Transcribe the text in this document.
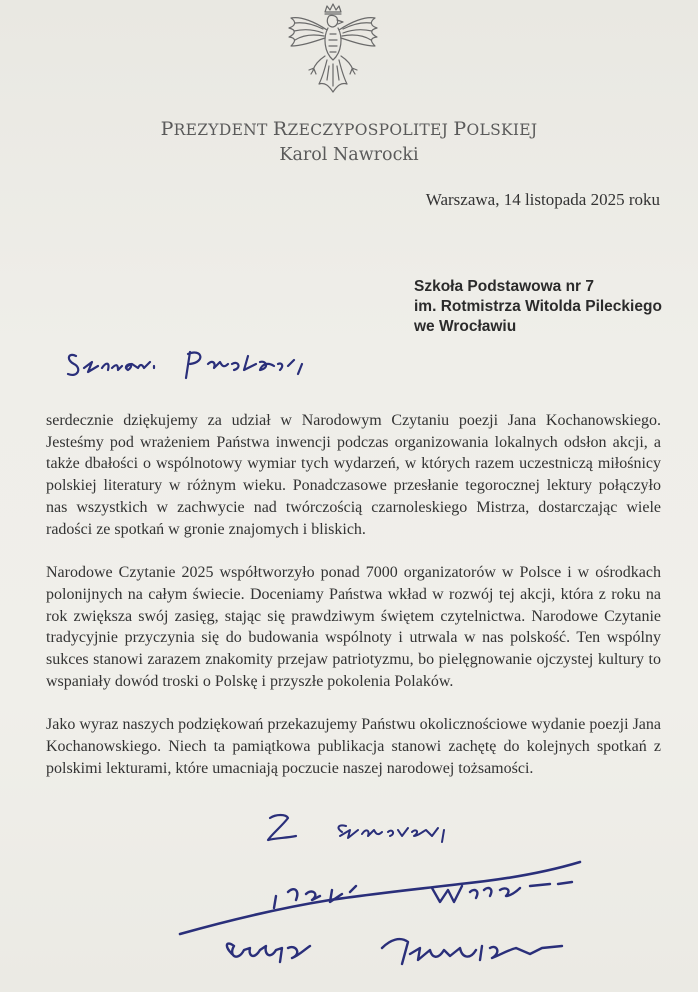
PREZYDENT RZECZYPOSPOLITEJ POLSKIEJ
Karol Nawrocki
Warszawa, 14 listopada 2025 roku
Szkoła Podstawowa nr 7
im. Rotmistrza Witolda Pileckiego
we Wrocławiu

serdecznie dziękujemy za udział w Narodowym Czytaniu poezji Jana Kochanowskiego. Jesteśmy pod wrażeniem Państwa inwencji podczas organizowania lokalnych odsłon akcji, a także dbałości o wspólnotowy wymiar tych wydarzeń, w których razem uczestniczą miłośnicy polskiej literatury w różnym wieku. Ponadczasowe przesłanie tegorocznej lektury połączyło nas wszystkich w zachwycie nad twórczością czarnoleskiego Mistrza, dostarczając wiele radości ze spotkań w gronie znajomych i bliskich.

Narodowe Czytanie 2025 współtworzyło ponad 7000 organizatorów w Polsce i w ośrodkach polonijnych na całym świecie. Doceniamy Państwa wkład w rozwój tej akcji, która z roku na rok zwiększa swój zasięg, stając się prawdziwym świętem czytelnictwa. Narodowe Czytanie tradycyjnie przyczynia się do budowania wspólnoty i utrwala w nas polskość. Ten wspólny sukces stanowi zarazem znakomity przejaw patriotyzmu, bo pielęgnowanie ojczystej kultury to wspaniały dowód troski o Polskę i przyszłe pokolenia Polaków.

Jako wyraz naszych podziękowań przekazujemy Państwu okolicznościowe wydanie poezji Jana Kochanowskiego. Niech ta pamiątkowa publikacja stanowi zachętę do kolejnych spotkań z polskimi lekturami, które umacniają poczucie naszej narodowej tożsamości.
